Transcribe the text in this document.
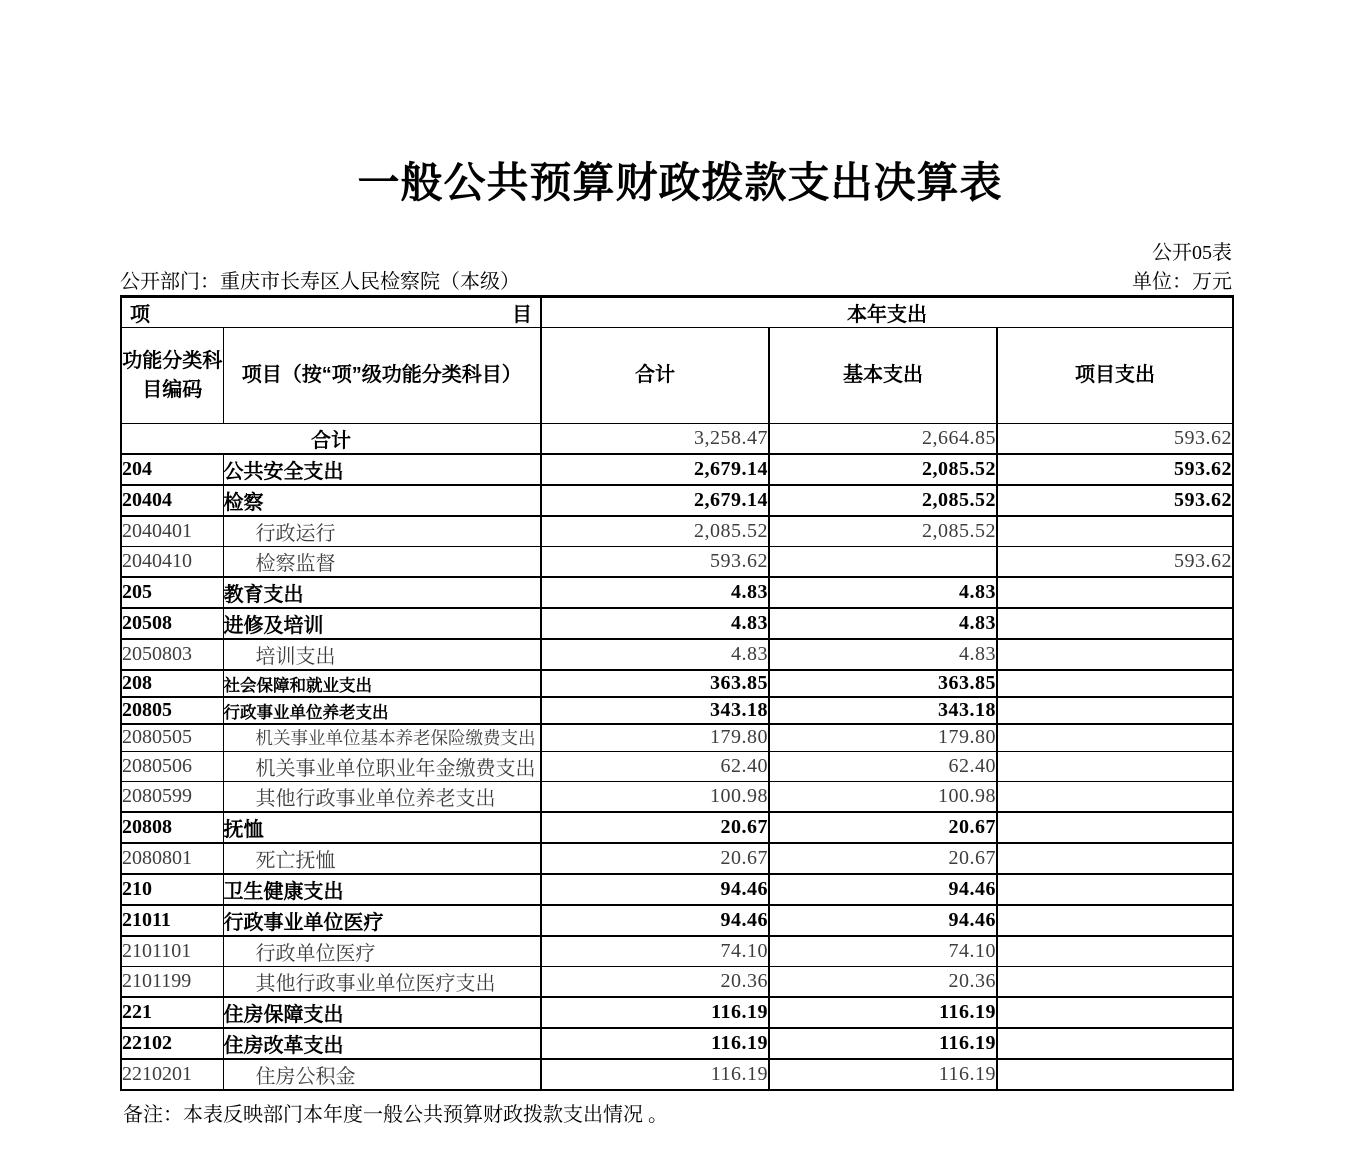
一般公共预算财政拨款支出决算表
公开05表
公开部门：重庆市长寿区人民检察院（本级）	单位：万元
项 目		本年支出		
功能分类科目编码	项目（按“项”级功能分类科目）	合计	基本支出	项目支出
合计		3,258.47	2,664.85	593.62
204	公共安全支出	2,679.14	2,085.52	593.62
20404	检察	2,679.14	2,085.52	593.62
2040401	行政运行	2,085.52	2,085.52	
2040410	检察监督	593.62		593.62
205	教育支出	4.83	4.83	
20508	进修及培训	4.83	4.83	
2050803	培训支出	4.83	4.83	
208	社会保障和就业支出	363.85	363.85	
20805	行政事业单位养老支出	343.18	343.18	
2080505	机关事业单位基本养老保险缴费支出	179.80	179.80	
2080506	机关事业单位职业年金缴费支出	62.40	62.40	
2080599	其他行政事业单位养老支出	100.98	100.98	
20808	抚恤	20.67	20.67	
2080801	死亡抚恤	20.67	20.67	
210	卫生健康支出	94.46	94.46	
21011	行政事业单位医疗	94.46	94.46	
2101101	行政单位医疗	74.10	74.10	
2101199	其他行政事业单位医疗支出	20.36	20.36	
221	住房保障支出	116.19	116.19	
22102	住房改革支出	116.19	116.19	
2210201	住房公积金	116.19	116.19	
备注：本表反映部门本年度一般公共预算财政拨款支出情况 。
